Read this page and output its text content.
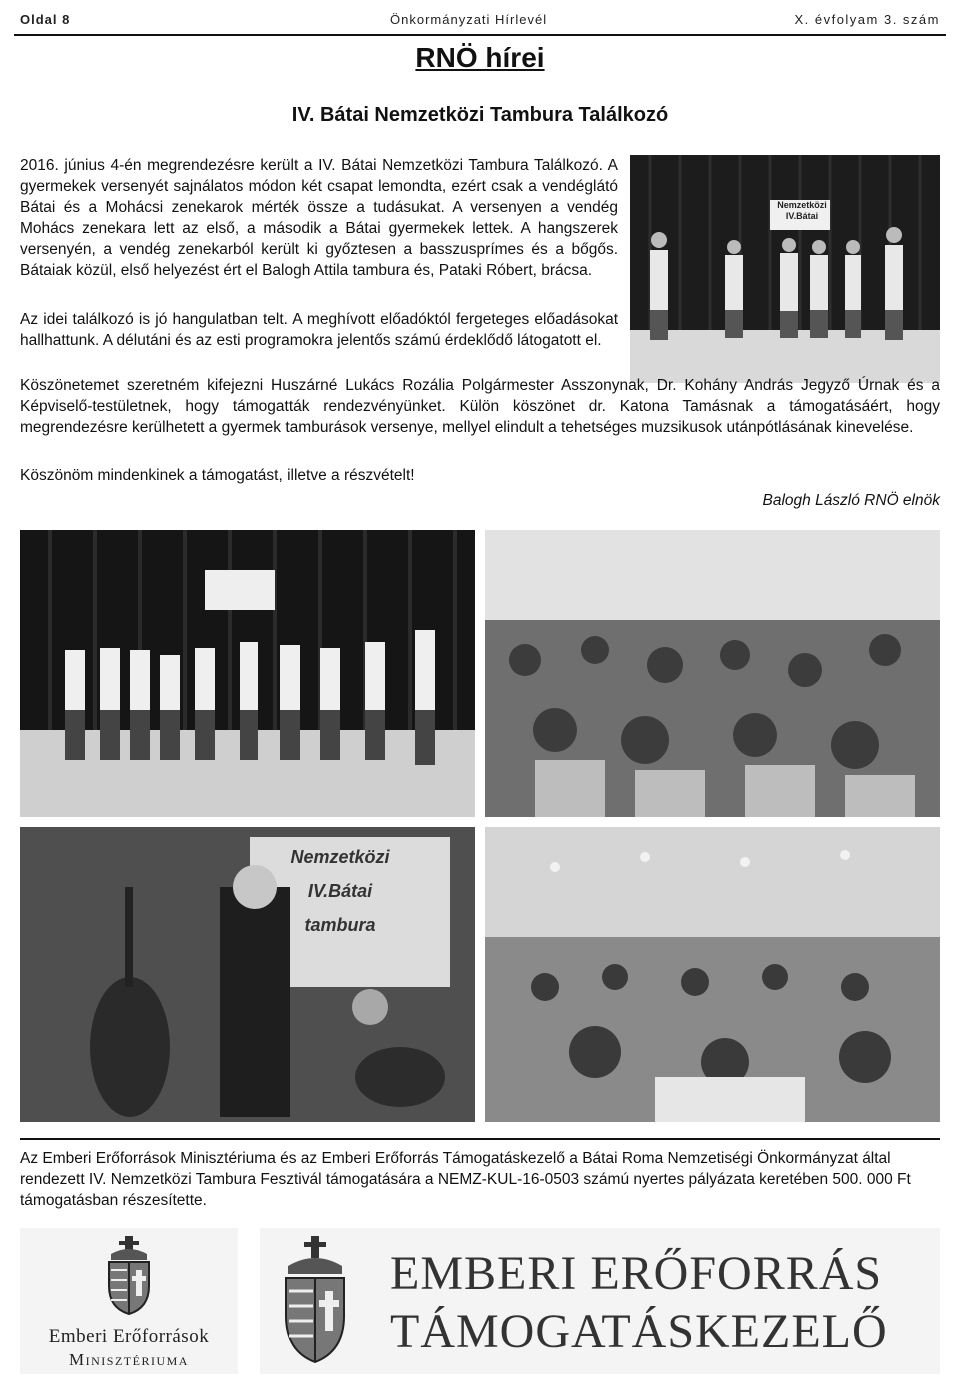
Oldal 8	Önkormányzati Hírlevél	X. évfolyam 3. szám
RNÖ hírei
IV. Bátai Nemzetközi Tambura Találkozó
Nemzetközi IV.Bátai
2016. június 4-én megrendezésre került a IV. Bátai Nemzetközi Tambura Találkozó. A gyermekek versenyét sajnálatos módon két csapat lemondta, ezért csak a vendéglátó Bátai és a Mohácsi zenekarok mérték össze a tudásukat. A versenyen a vendég Mohács zenekara lett az első, a második a Bátai gyermekek lettek. A hangszerek versenyén, a vendég zenekarból került ki győztesen a basszusprímes és a bőgős. Bátaiak közül, első helyezést ért el Balogh Attila tambura és, Pataki Róbert, brácsa.
Az idei találkozó is jó hangulatban telt. A meghívott előadóktól fergeteges előadásokat hallhattunk. A délutáni és az esti programokra jelentős számú érdeklődő látogatott el.
Köszönetemet szeretném kifejezni Huszárné Lukács Rozália Polgármester Asszonynak, Dr. Kohány András Jegyző Úrnak és a Képviselő-testületnek, hogy támogatták rendezvényünket. Külön köszönet dr. Katona Tamásnak a támogatásáért, hogy megrendezésre kerülhetett a gyermek tamburások versenye, mellyel elindult a tehetséges muzsikusok utánpótlásának kinevelése.
Köszönöm mindenkinek a támogatást, illetve a részvételt!
Balogh László RNÖ elnök
Nemzetközi IV.Bátai tambura
Az Emberi Erőforrások Minisztériuma és az Emberi Erőforrás Támogatáskezelő a Bátai Roma Nemzetiségi Önkormányzat által rendezett IV. Nemzetközi Tambura Fesztivál támogatására a NEMZ-KUL-16-0503 számú nyertes pályázata keretében 500. 000 Ft támogatásban részesítette.
Emberi Erőforrások
Minisztériuma
EMBERI ERŐFORRÁS
TÁMOGATÁSKEZELŐ
